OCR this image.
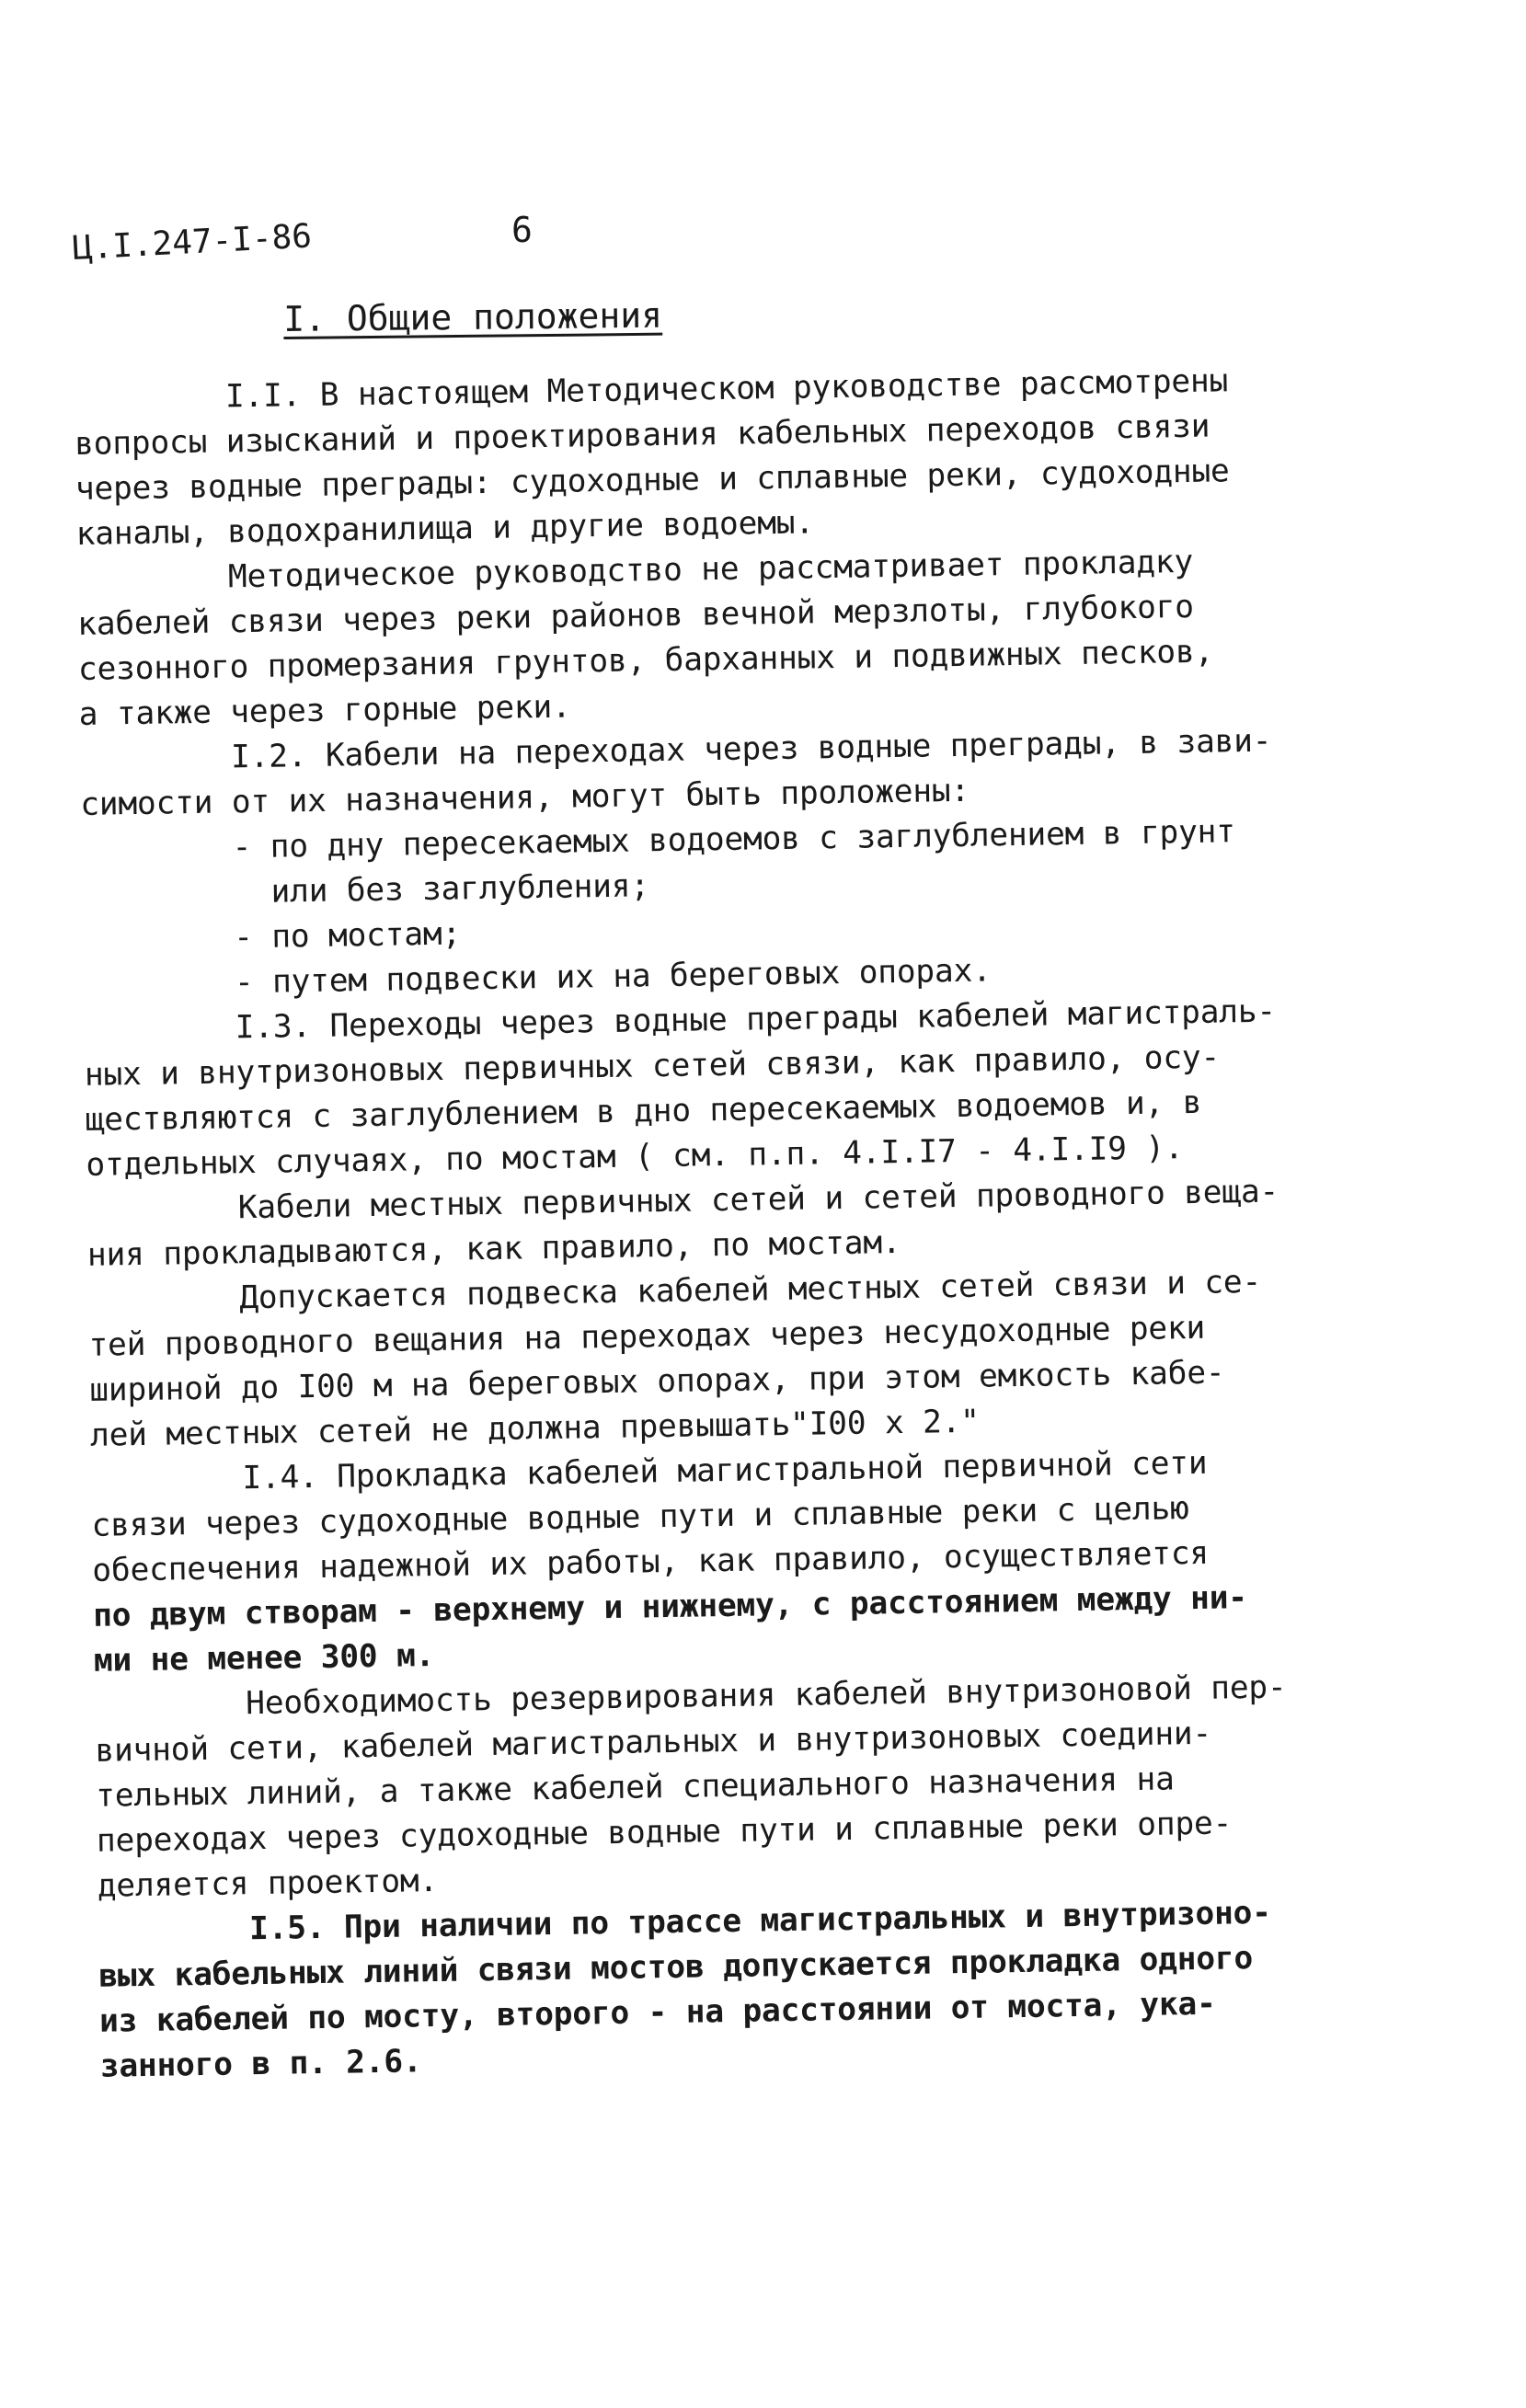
Ц.I.247-I-86	6
I. Общие положения
I.I. В настоящем Методическом руководстве рассмотрены
вопросы изысканий и проектирования кабельных переходов связи
через водные преграды: судоходные и сплавные реки, судоходные
каналы, водохранилища и другие водоемы.
Методическое руководство не рассматривает прокладку
кабелей связи через реки районов вечной мерзлоты, глубокого
сезонного промерзания грунтов, барханных и подвижных песков,
а также через горные реки.
I.2. Кабели на переходах через водные преграды, в зави-
симости от их назначения, могут быть проложены:
- по дну пересекаемых водоемов с заглублением в грунт
или без заглубления;
- по мостам;
- путем подвески их на береговых опорах.
I.3. Переходы через водные преграды кабелей магистраль-
ных и внутризоновых первичных сетей связи, как правило, осу-
ществляются с заглублением в дно пересекаемых водоемов и, в
отдельных случаях, по мостам ( см. п.п. 4.I.I7 - 4.I.I9 ).
Кабели местных первичных сетей и сетей проводного веща-
ния прокладываются, как правило, по мостам.
Допускается подвеска кабелей местных сетей связи и се-
тей проводного вещания на переходах через несудоходные реки
шириной до I00 м на береговых опорах, при этом емкость кабе-
лей местных сетей не должна превышать"I00 x 2."
I.4. Прокладка кабелей магистральной первичной сети
связи через судоходные водные пути и сплавные реки с целью
обеспечения надежной их работы, как правило, осуществляется
по двум створам - верхнему и нижнему, с расстоянием между ни-
ми не менее 300 м.
Необходимость резервирования кабелей внутризоновой пер-
вичной сети, кабелей магистральных и внутризоновых соедини-
тельных линий, а также кабелей специального назначения на
переходах через судоходные водные пути и сплавные реки опре-
деляется проектом.
I.5. При наличии по трассе магистральных и внутризоно-
вых кабельных линий связи мостов допускается прокладка одного
из кабелей по мосту, второго - на расстоянии от моста, ука-
занного в п. 2.6.
